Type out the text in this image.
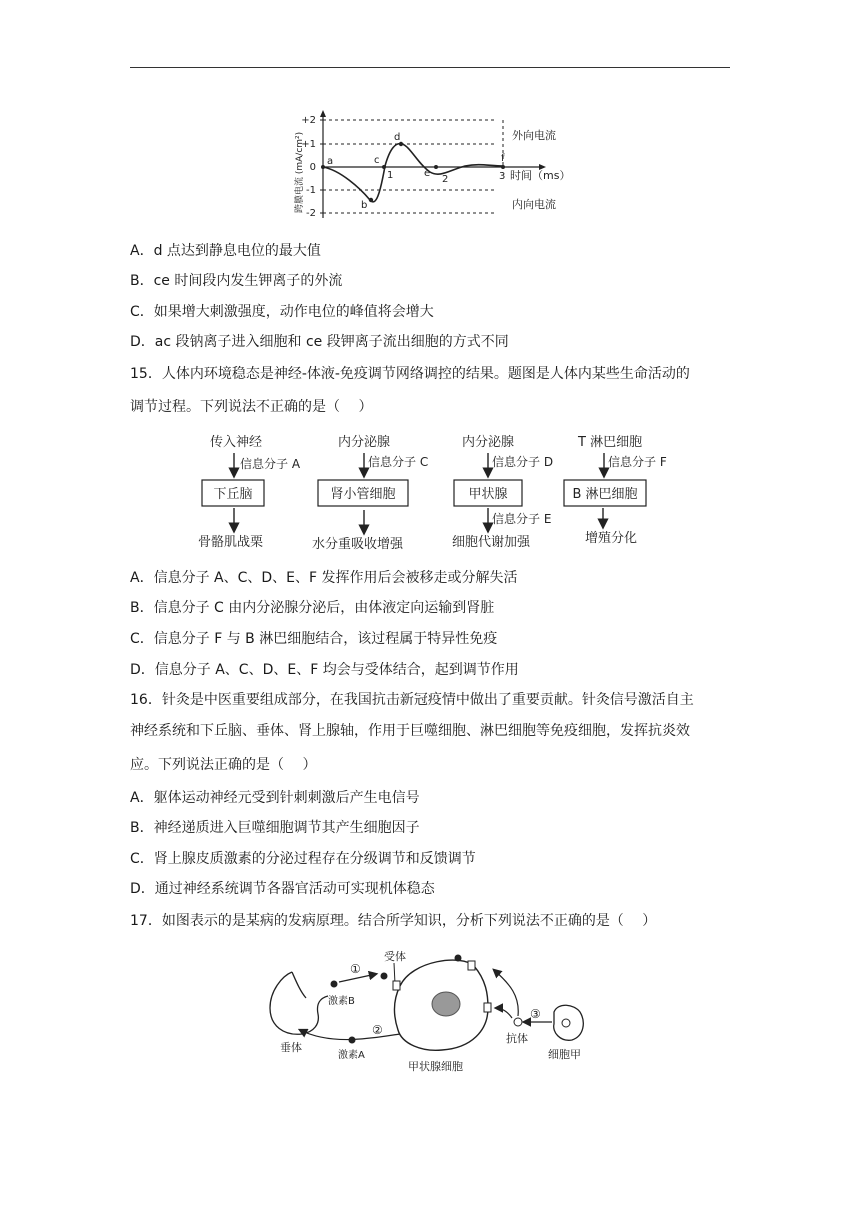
+2
+1
0
-1
-2
跨膜电流 (mA/cm²)	1	2	3
a
b
c
d
e
f
外向电流
时间（ms）
内向电流
A．d 点达到静息电位的最大值
B．ce 时间段内发生钾离子的外流
C．如果增大刺激强度，动作电位的峰值将会增大
D．ac 段钠离子进入细胞和 ce 段钾离子流出细胞的方式不同
15．人体内环境稳态是神经-体液-免疫调节网络调控的结果。题图是人体内某些生命活动的
调节过程。下列说法不正确的是（　 ）
传入神经
信息分子 A
下丘脑
骨骼肌战栗
内分泌腺
信息分子 C
肾小管细胞
水分重吸收增强
内分泌腺
信息分子 D
甲状腺
信息分子 E
细胞代谢加强
T 淋巴细胞
信息分子 F
B 淋巴细胞
增殖分化
A．信息分子 A、C、D、E、F 发挥作用后会被移走或分解失活
B．信息分子 C 由内分泌腺分泌后，由体液定向运输到肾脏
C．信息分子 F 与 B 淋巴细胞结合，该过程属于特异性免疫
D．信息分子 A、C、D、E、F 均会与受体结合，起到调节作用
16．针灸是中医重要组成部分，在我国抗击新冠疫情中做出了重要贡献。针灸信号激活自主
神经系统和下丘脑、垂体、肾上腺轴，作用于巨噬细胞、淋巴细胞等免疫细胞，发挥抗炎效
应。下列说法正确的是（　 ）
A．躯体运动神经元受到针刺刺激后产生电信号
B．神经递质进入巨噬细胞调节其产生细胞因子
C．肾上腺皮质激素的分泌过程存在分级调节和反馈调节
D．通过神经系统调节各器官活动可实现机体稳态
17．如图表示的是某病的发病原理。结合所学知识，分析下列说法不正确的是（　 ）
垂体
激素B
①
受体
甲状腺细胞
②
激素A
抗体
③
细胞甲
